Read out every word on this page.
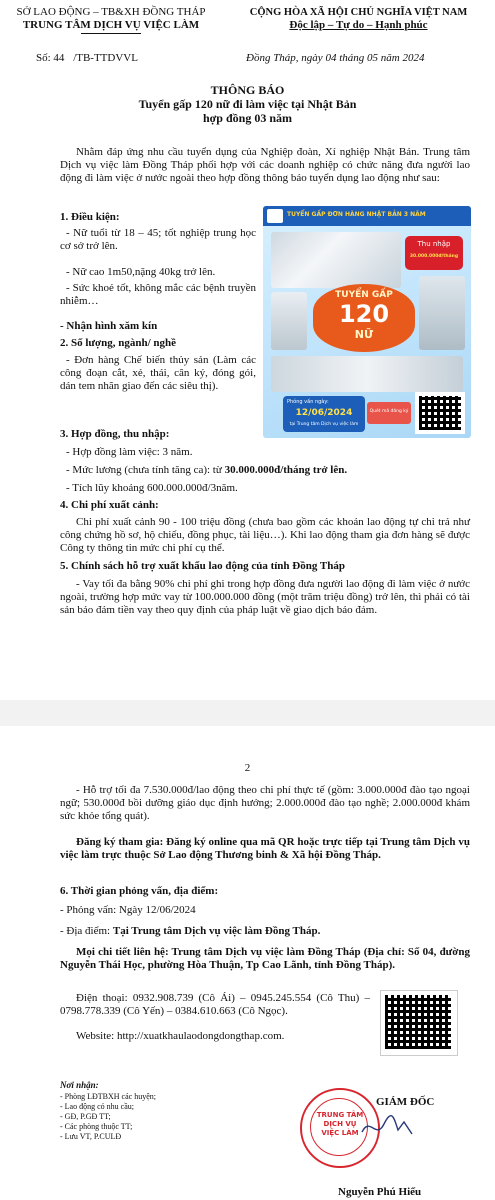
SỞ LAO ĐỘNG – TB&XH ĐỒNG THÁP
TRUNG TÂM DỊCH VỤ VIỆC LÀM
CỘNG HÒA XÃ HỘI CHỦ NGHĨA VIỆT NAM
Độc lập – Tự do – Hạnh phúc
Số: 44 /TB-TTDVVL	Đồng Tháp, ngày 04 tháng 05 năm 2024
THÔNG BÁO
Tuyển gấp 120 nữ đi làm việc tại Nhật Bản
hợp đồng 03 năm

Nhằm đáp ứng nhu cầu tuyển dụng của Nghiệp đoàn, Xí nghiệp Nhật Bản. Trung tâm Dịch vụ việc làm Đồng Tháp phối hợp với các doanh nghiệp có chức năng đưa người lao động đi làm việc ở nước ngoài theo hợp đồng thông báo tuyển dụng lao động như sau:

1. Điều kiện:

- Nữ tuổi từ 18 – 45; tốt nghiệp trung học cơ sở trở lên.

- Nữ cao 1m50,nặng 40kg trở lên.

- Sức khoẻ tốt, không mắc các bệnh truyền nhiễm…

- Nhận hình xăm kín
2. Số lượng, ngành/ nghề

- Đơn hàng Chế biến thủy sản (Làm các công đoạn cắt, xẻ, thái, cân ký, đóng gói, dán tem nhãn giao đến các siêu thị).

TUYỂN GẤP ĐƠN HÀNG NHẬT BẢN 3 NĂM
Thu nhập
30.000.000đ/tháng
TUYỂN GẤP
120
NỮ
Phỏng vấn ngày:
12/06/2024
tại Trung tâm Dịch vụ việc làm
Quét mã đăng ký
3. Hợp đồng, thu nhập:
- Hợp đồng làm việc: 3 năm.
- Mức lương (chưa tính tăng ca): từ 30.000.000đ/tháng trở lên.
- Tích lũy khoảng 600.000.000đ/3năm.
4. Chi phí xuất cảnh:

Chi phí xuất cảnh 90 - 100 triệu đồng (chưa bao gồm các khoản lao động tự chi trả như công chứng hồ sơ, hộ chiếu, đồng phục, tài liệu…). Khi lao động tham gia đơn hàng sẽ được Công ty thông tin mức chi phí cụ thể.

5. Chính sách hỗ trợ xuất khẩu lao động của tỉnh Đồng Tháp

- Vay tối đa bằng 90% chi phí ghi trong hợp đồng đưa người lao động đi làm việc ở nước ngoài, trường hợp mức vay từ 100.000.000 đồng (một trăm triệu đồng) trở lên, thì phải có tài sản bảo đảm tiền vay theo quy định của pháp luật về giao dịch bảo đảm.

2

- Hỗ trợ tối đa 7.530.000đ/lao động theo chi phí thực tế (gồm: 3.000.000đ đào tạo ngoại ngữ; 530.000đ bồi dưỡng giáo dục định hướng; 2.000.000đ đào tạo nghề; 2.000.000đ khám sức khỏe tổng quát).

Đăng ký tham gia: Đăng ký online qua mã QR hoặc trực tiếp tại Trung tâm Dịch vụ việc làm trực thuộc Sở Lao động Thương binh & Xã hội Đồng Tháp.

6. Thời gian phỏng vấn, địa điểm:
- Phỏng vấn: Ngày 12/06/2024
- Địa điểm: Tại Trung tâm Dịch vụ việc làm Đồng Tháp.

Mọi chi tiết liên hệ: Trung tâm Dịch vụ việc làm Đồng Tháp (Địa chỉ: Số 04, đường Nguyễn Thái Học, phường Hòa Thuận, Tp Cao Lãnh, tỉnh Đồng Tháp).

Điện thoại: 0932.908.739 (Cô Ái) – 0945.245.554 (Cô Thu) – 0798.778.339 (Cô Yến) – 0384.610.663 (Cô Ngọc).

Website: http://xuatkhaulaodongdongthap.com.
Nơi nhận:
- Phòng LĐTBXH các huyện;
- Lao động có nhu cầu;
- GĐ, P.GĐ TT;
- Các phòng thuộc TT;
- Lưu VT, P.CULĐ
GIÁM ĐỐC
TRUNG TÂM
DỊCH VỤ
VIỆC LÀM
Nguyễn Phú Hiếu
